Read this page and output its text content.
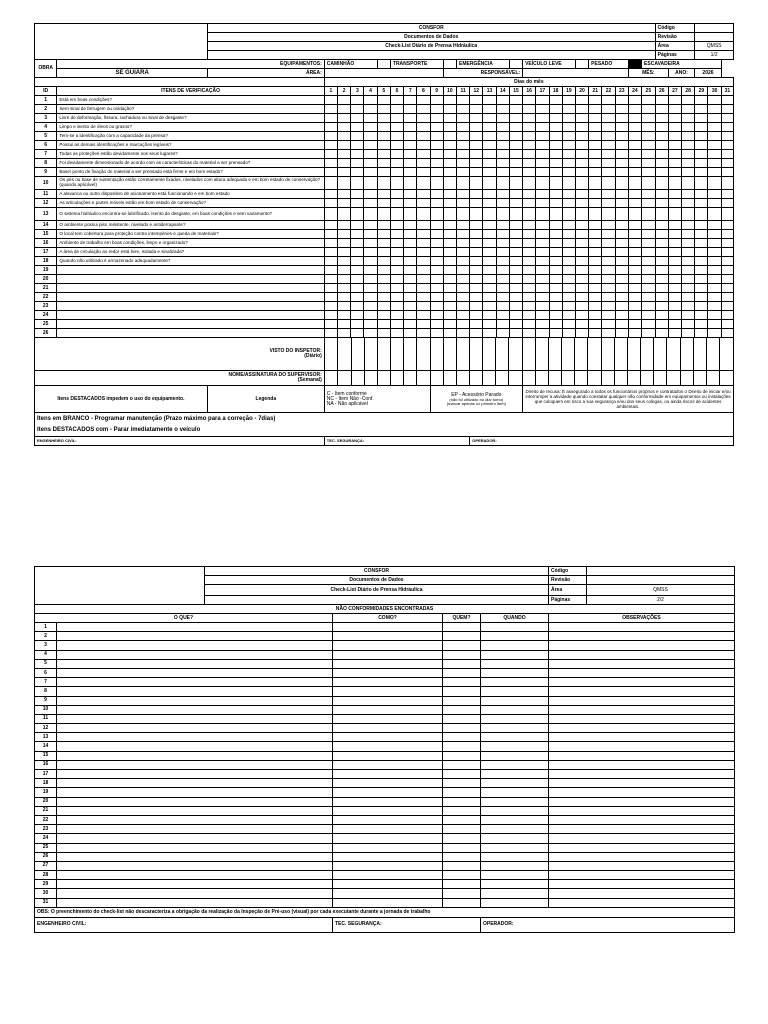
	CONSFOR	Código	
Documentos de Dados	Revisão	
Check-List Diário de Prensa Hidráulica	Área	QMSS
	Páginas	1/2
OBRA	EQUIPAMENTOS:	CAMINHÃO		TRANSPORTE		EMERGÊNCIA		VEÍCULO LEVE		PESADO		ESCAVADEIRA
SE GUIARA	ÁREA:		RESPONSÁVEL:		MÊS:	ANO:	2026
	Dias do mês
ID	ITENS DE VERIFICAÇÃO	1	2	3	4	5	6	7	8	9	10	11	12	13	14	15	16	17	18	19	20	21	22	23	24	25	26	27	28	29	30	31
1	Está em boas condições?																															
2	Sem sinal de ferrugem ou oxidação?																															
3	Livre de deformação, fissura, rachadura ou sinal de desgaste?																															
4	Limpo e isento de óleos ou graxos?																															
5	Tem-se a identificação com a capacidade da prensa?																															
6	Possui as demais identificações e marcações legíveis?																															
7	Todas as proteções estão devidamente nos seus lugares?																															
8	Foi devidamente dimensionado de acordo com as características do material a ser prensado?																															
9	Base/ ponto de fixação do material a ser prensado está firme e em bom estado?																															
10	Os pés ou base de sustentação estão corretamente fixados, nivelados com altura adequada e em bom estado de conservação? (quando aplicável)																															
11	A alavanca ou outro dispositivo de acionamento está funcionando e em bom estado																															
12	As articulações e partes móveis estão em bom estado de conservação?																															
13	O sistema hidráulico encontra-se lubrificado, isento de desgaste, em boas condições e sem vazamento?																															
14	O ambiente possui piso resistente, nivelado e antiderrapante?																															
15	O local tem cobertura para proteção contra intempéries e queda de materiais?																															
16	Ambiente de trabalho em boas condições, limpo e organizado?																															
17	A área de circulação ao redor está livre, isolada e sinalizada?																															
18	Quando não utilizado é armazenado adequadamente?																															
19																																
20																																
21																																
22																																
23																																
24																																
25																																
26																																
VISTO DO INSPETOR:
(Diário)	

NOME/ASSINATURA DO SUPERVISOR:
(Semanal)	

Itens DESTACADOS impedem o uso do equipamento.	Legenda	
C - Item conforme
NC - Item Não -Conf.
NA - Não aplicável

EP - Acessório Parado
(não foi utilizado no dia/ turno)
(marcar apenas no primeiro item)
	Direito de recusa: É assegurado a todos os funcionários próprios e contratados o Direito de iniciar e/ou interromper a atividade quando constatar qualquer não conformidade em equipamentos ou instalações que coloquem em risco a sua segurança e/ou dos seus colegas, ou ainda riscos de acidentes ambientais.
Itens em BRANCO - Programar manutenção (Prazo máximo para a correção - 7dias)
Itens DESTACADOS com - Parar imediatamente o veículo
ENGENHEIRO CIVIL:	TEC. SEGURANÇA:	OPERADOR:
		CONSFOR				Código	
		Documentos de Dados				Revisão	
		Check-List Diário de Prensa Hidráulica				Área	QMSS
						Páginas	2/2
NÃO CONFORMIDADES ENCONTRADAS							
O QUE?			COMO?	QUEM?	QUANDO	OBSERVAÇÕES	
1							
2							
3							
4							
5							
6							
7							
8							
9							
10							
11							
12							
13							
14							
15							
16							
17							
18							
19							
20							
21							
22							
23							
24							
25							
26							
27							
28							
29							
30							
31							
OBS: O preenchimento do check-list não descaracteriza a obrigação da realização da Inspeção de Pré-uso (visual) por cada executante durante a jornada de trabalho							
ENGENHEIRO CIVIL:			TEC. SEGURANÇA:		OPERADOR:		
